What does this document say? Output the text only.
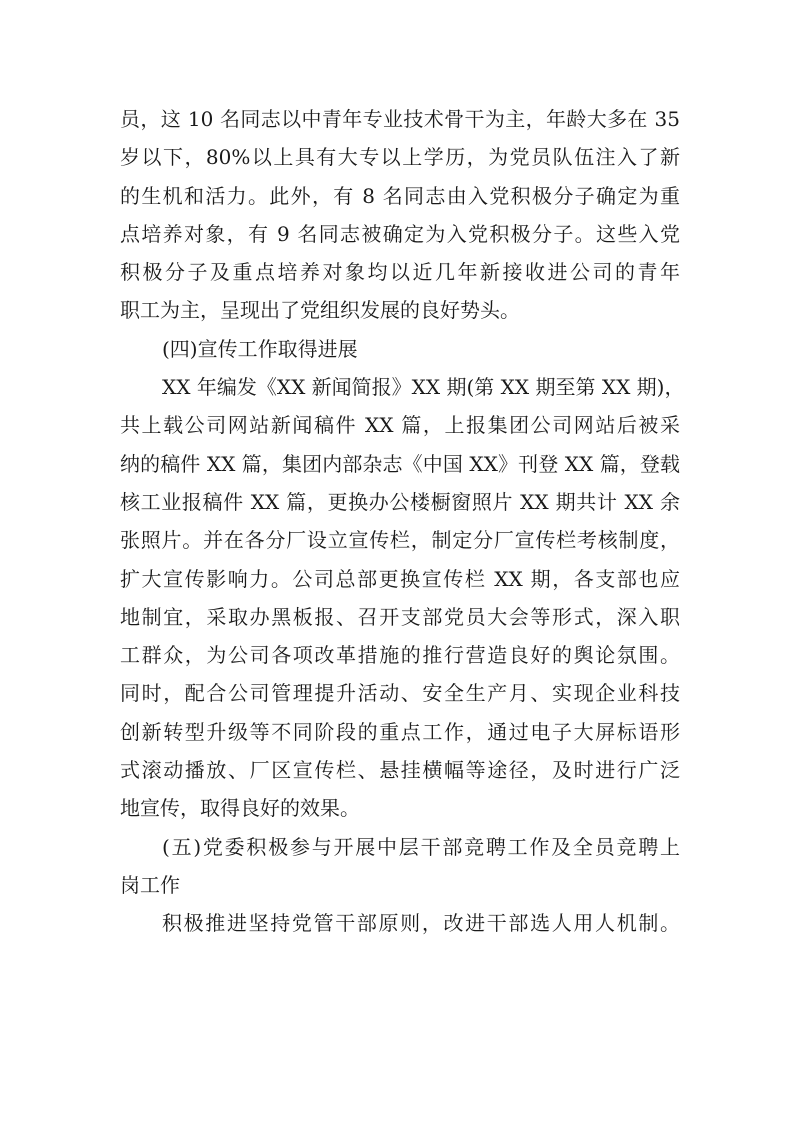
员，这 10 名同志以中青年专业技术骨干为主，年龄大多在 35
岁以下，80%以上具有大专以上学历，为党员队伍注入了新
的生机和活力。此外，有 8 名同志由入党积极分子确定为重
点培养对象，有 9 名同志被确定为入党积极分子。这些入党
积极分子及重点培养对象均以近几年新接收进公司的青年
职工为主，呈现出了党组织发展的良好势头。
(四)宣传工作取得进展
XX 年编发《XX 新闻简报》XX 期(第 XX 期至第 XX 期)，
共上载公司网站新闻稿件 XX 篇，上报集团公司网站后被采
纳的稿件 XX 篇，集团内部杂志《中国 XX》刊登 XX 篇，登载
核工业报稿件 XX 篇，更换办公楼橱窗照片 XX 期共计 XX 余
张照片。并在各分厂设立宣传栏，制定分厂宣传栏考核制度，
扩大宣传影响力。公司总部更换宣传栏 XX 期，各支部也应
地制宜，采取办黑板报、召开支部党员大会等形式，深入职
工群众，为公司各项改革措施的推行营造良好的舆论氛围。
同时，配合公司管理提升活动、安全生产月、实现企业科技
创新转型升级等不同阶段的重点工作，通过电子大屏标语形
式滚动播放、厂区宣传栏、悬挂横幅等途径，及时进行广泛
地宣传，取得良好的效果。
(五)党委积极参与开展中层干部竞聘工作及全员竞聘上
岗工作
积极推进坚持党管干部原则，改进干部选人用人机制。
